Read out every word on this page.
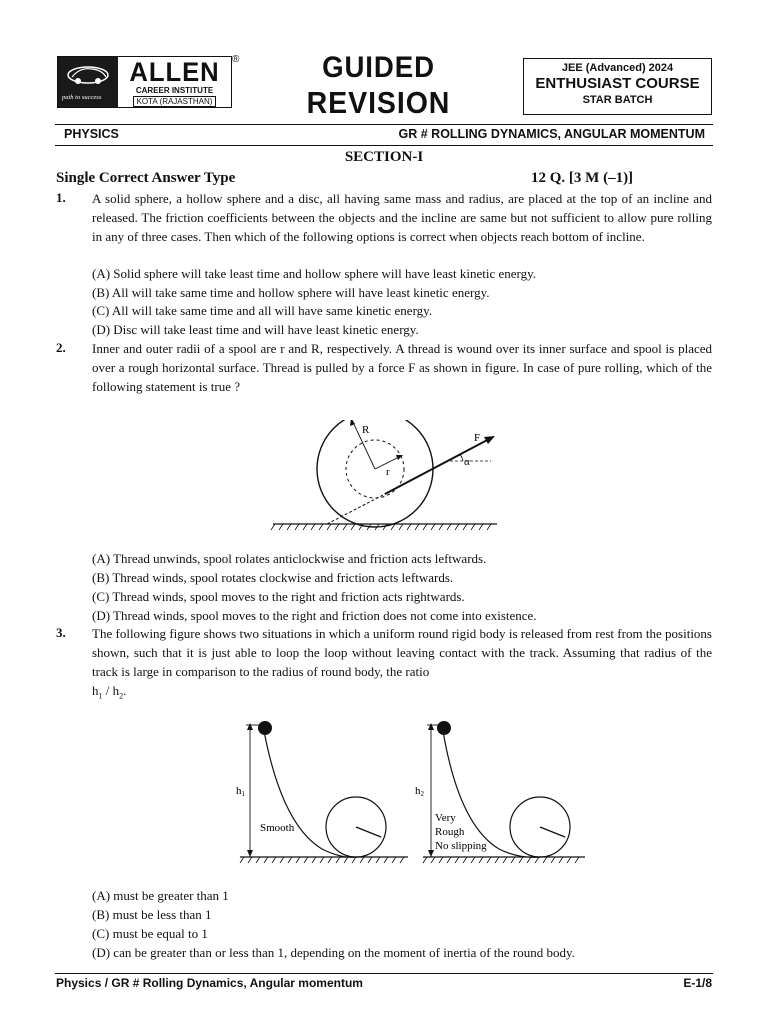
path to success
ALLEN
CAREER INSTITUTE
KOTA (RAJASTHAN)
®	GUIDED
REVISION
JEE (Advanced) 2024
ENTHUSIAST COURSE
STAR BATCH
PHYSICS	GR # ROLLING DYNAMICS, ANGULAR MOMENTUM
SECTION-I
Single Correct Answer Type	12 Q. [3 M (–1)]
1. A solid sphere, a hollow sphere and a disc, all having same mass and radius, are placed at the top of an incline and released. The friction coefficients between the objects and the incline are same but not sufficient to allow pure rolling in any of three cases. Then which of the following options is correct when objects reach bottom of incline.
(A) Solid sphere will take least time and hollow sphere will have least kinetic energy.
(B) All will take same time and hollow sphere will have least kinetic energy.
(C) All will take same time and all will have same kinetic energy.
(D) Disc will take least time and will have least kinetic energy.
2. Inner and outer radii of a spool are r and R, respectively. A thread is wound over its inner surface and spool is placed over a rough horizontal surface. Thread is pulled by a force F as shown in figure. In case of pure rolling, which of the following statement is true ?
R
r
F
α
(A) Thread unwinds, spool rolates anticlockwise and friction acts leftwards.
(B) Thread winds, spool rotates clockwise and friction acts leftwards.
(C) Thread winds, spool moves to the right and friction acts rightwards.
(D) Thread winds, spool moves to the right and friction does not come into existence.
3. The following figure shows two situations in which a uniform round rigid body is released from rest from the positions shown, such that it is just able to loop the loop without leaving contact with the track. Assuming that radius of the track is large in comparison to the radius of round body, the ratio
$h_1 / h_2$.
h1
Smooth
h2
Very
Rough
No slipping
(A) must be greater than 1
(B) must be less than 1
(C) must be equal to 1
(D) can be greater than or less than 1, depending on the moment of inertia of the round body.
Physics / GR # Rolling Dynamics, Angular momentum	E-1/8
